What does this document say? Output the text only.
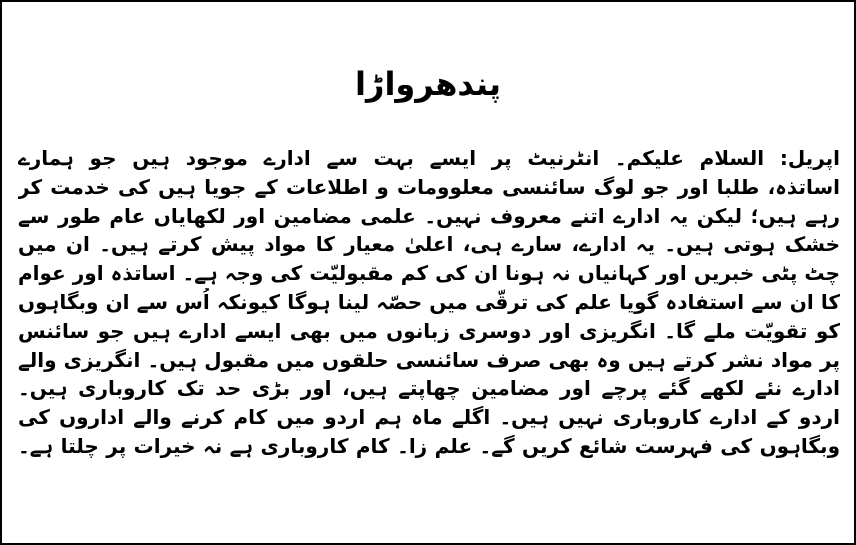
پندھرواڑا
اپریل: السلام علیکم۔ انٹرنیٹ پر ایسے بہت سے ادارے موجود ہیں جو ہمارے
اساتذہ، طلبا اور جو لوگ سائنسی معلوومات و اطلاعات کے جویا ہیں کی خدمت کر
رہے ہیں؛ لیکن یہ ادارے اتنے معروف نہیں۔ علمی مضامین اور لکھایاں عام طور سے
خشک ہوتی ہیں۔ یہ ادارے، سارے ہی، اعلیٰ معیار کا مواد پیش کرتے ہیں۔ ان میں
چٹ پٹی خبریں اور کہانیاں نہ ہونا ان کی کم مقبولیّت کی وجہ ہے۔ اساتذہ اور عوام
کا ان سے استفادہ گویا علم کی ترقّی میں حصّہ لینا ہوگا کیونکہ اُس سے ان وبگاہوں
کو تقویّت ملے گا۔ انگریزی اور دوسری زبانوں میں بھی ایسے ادارے ہیں جو سائنس
پر مواد نشر کرتے ہیں وہ بھی صرف سائنسی حلقوں میں مقبول ہیں۔ انگریزی والے
ادارے نئے لکھے گئے پرچے اور مضامین چھاپتے ہیں، اور بڑی حد تک کاروباری ہیں۔
اردو کے ادارے کاروباری نہیں ہیں۔ اگلے ماہ ہم اردو میں کام کرنے والے اداروں کی
وبگاہوں کی فہرست شائع کریں گے۔ علم زا۔ کام کاروباری ہے نہ خیرات پر چلتا ہے۔
